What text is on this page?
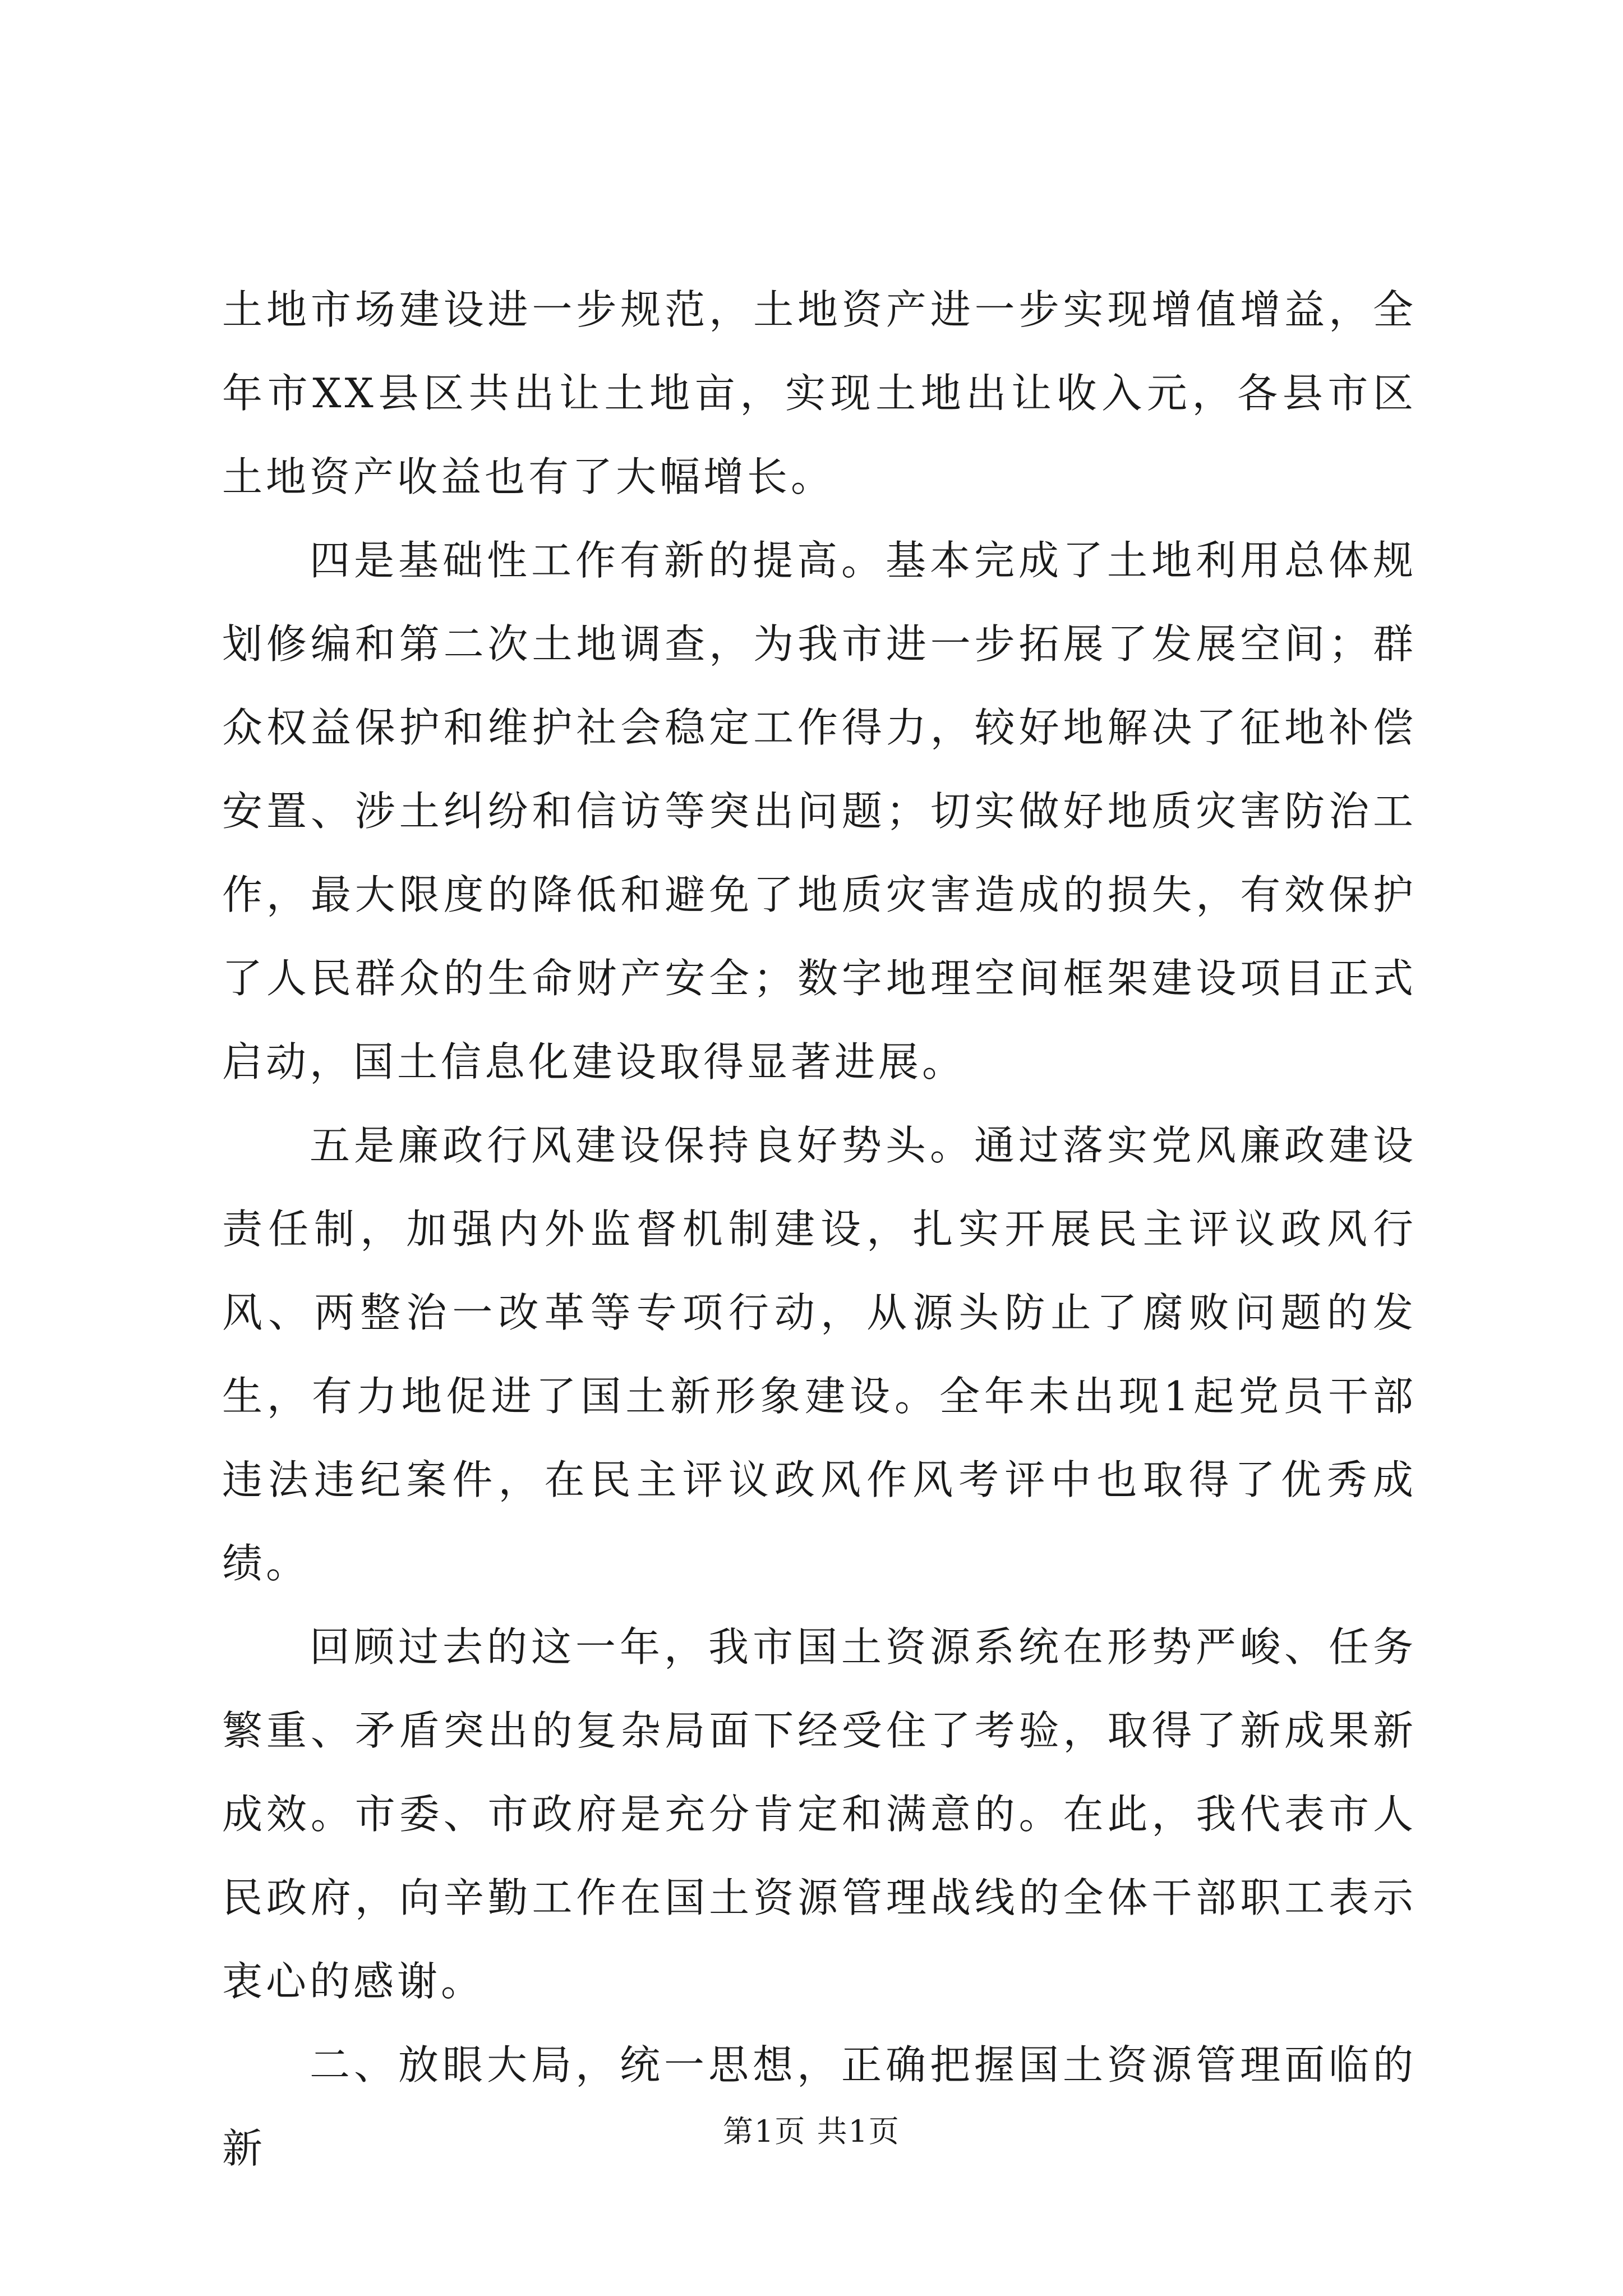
土地市场建设进一步规范，土地资产进一步实现增值增益，全年市XX县区共出让土地亩，实现土地出让收入元，各县市区土地资产收益也有了大幅增长。

四是基础性工作有新的提高。基本完成了土地利用总体规划修编和第二次土地调查，为我市进一步拓展了发展空间；群众权益保护和维护社会稳定工作得力，较好地解决了征地补偿安置、涉土纠纷和信访等突出问题；切实做好地质灾害防治工作，最大限度的降低和避免了地质灾害造成的损失，有效保护了人民群众的生命财产安全；数字地理空间框架建设项目正式启动，国土信息化建设取得显著进展。

五是廉政行风建设保持良好势头。通过落实党风廉政建设责任制，加强内外监督机制建设，扎实开展民主评议政风行风、两整治一改革等专项行动，从源头防止了腐败问题的发生，有力地促进了国土新形象建设。全年未出现1起党员干部违法违纪案件，在民主评议政风作风考评中也取得了优秀成绩。

回顾过去的这一年，我市国土资源系统在形势严峻、任务繁重、矛盾突出的复杂局面下经受住了考验，取得了新成果新成效。市委、市政府是充分肯定和满意的。在此，我代表市人民政府，向辛勤工作在国土资源管理战线的全体干部职工表示衷心的感谢。

二、放眼大局，统一思想，正确把握国土资源管理面临的新	第1页 共1页
